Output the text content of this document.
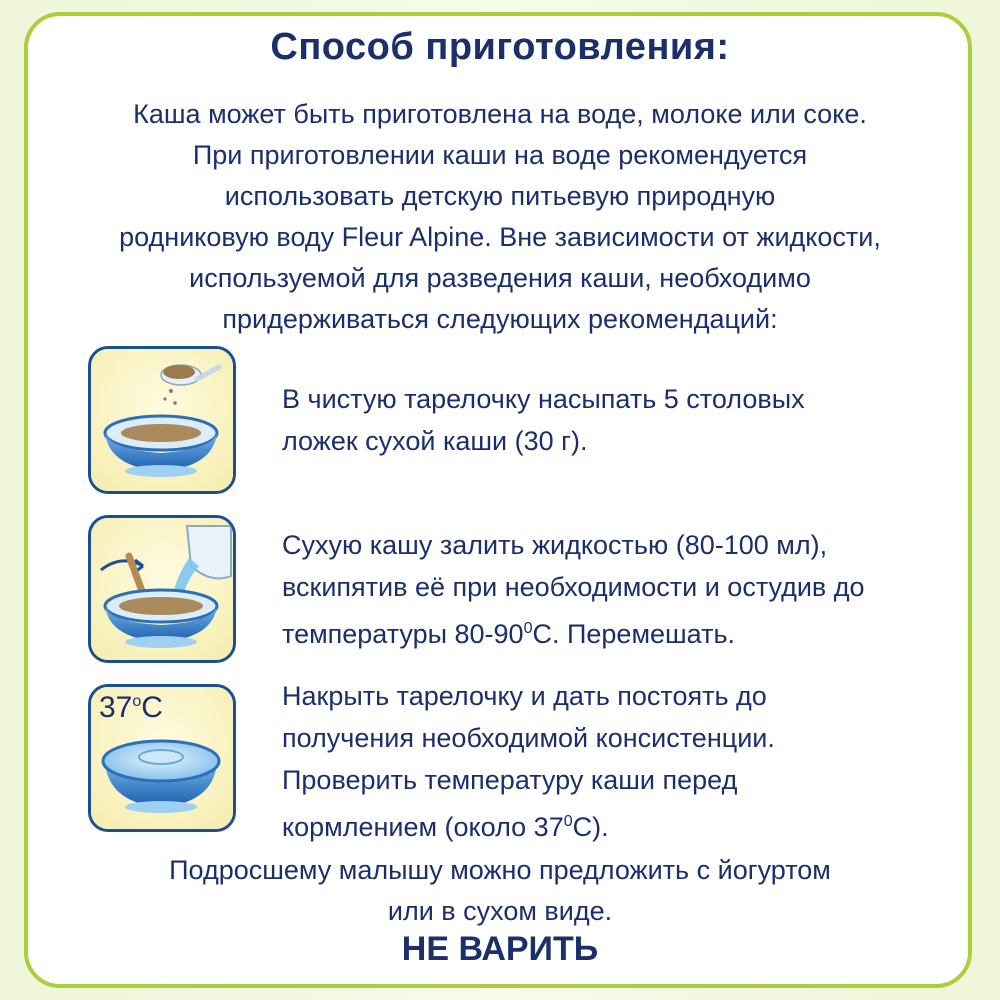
Способ приготовления:
Каша может быть приготовлена на воде, молоке или соке.
При приготовлении каши на воде рекомендуется
использовать детскую питьевую природную
родниковую воду Fleur Alpine. Вне зависимости от жидкости,
используемой для разведения каши, необходимо
придерживаться следующих рекомендаций:
В чистую тарелочку насыпать 5 столовых
ложек сухой каши (30 г).
Сухую кашу залить жидкостью (80-100 мл),
вскипятив её при необходимости и остудив до
температуры $80-90^0С$. Перемешать.
37$^o$C	Накрыть тарелочку и дать постоять до
получения необходимой консистенции.
Проверить температуру каши перед
кормлением (около $37^0С$).
Подросшему малышу можно предложить с йогуртом
или в сухом виде.
НЕ ВАРИТЬ
